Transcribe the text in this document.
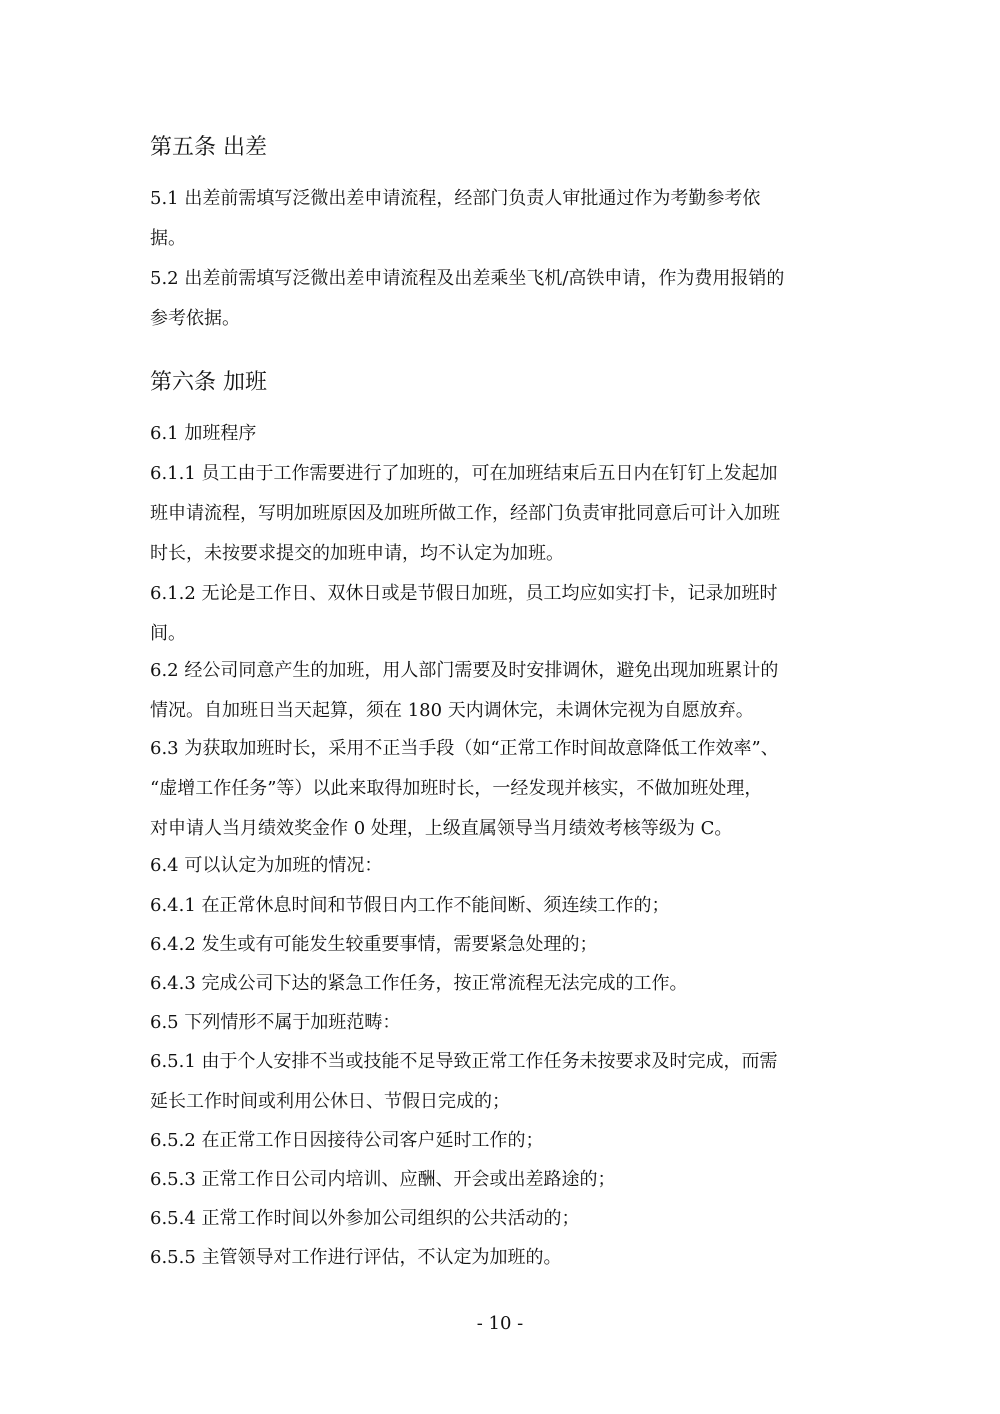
第五条 出差
5.1 出差前需填写泛微出差申请流程，经部门负责人审批通过作为考勤参考依
据。
5.2 出差前需填写泛微出差申请流程及出差乘坐飞机/高铁申请，作为费用报销的
参考依据。
第六条 加班
6.1 加班程序
6.1.1 员工由于工作需要进行了加班的，可在加班结束后五日内在钉钉上发起加
班申请流程，写明加班原因及加班所做工作，经部门负责审批同意后可计入加班
时长，未按要求提交的加班申请，均不认定为加班。
6.1.2 无论是工作日、双休日或是节假日加班，员工均应如实打卡，记录加班时
间。
6.2 经公司同意产生的加班，用人部门需要及时安排调休，避免出现加班累计的
情况。自加班日当天起算，须在 180 天内调休完，未调休完视为自愿放弃。
6.3 为获取加班时长，采用不正当手段（如“正常工作时间故意降低工作效率”、
“虚增工作任务”等）以此来取得加班时长，一经发现并核实，不做加班处理，
对申请人当月绩效奖金作 0 处理，上级直属领导当月绩效考核等级为 C。
6.4 可以认定为加班的情况：
6.4.1 在正常休息时间和节假日内工作不能间断、须连续工作的；
6.4.2 发生或有可能发生较重要事情，需要紧急处理的；
6.4.3 完成公司下达的紧急工作任务，按正常流程无法完成的工作。
6.5 下列情形不属于加班范畴：
6.5.1 由于个人安排不当或技能不足导致正常工作任务未按要求及时完成，而需
延长工作时间或利用公休日、节假日完成的；
6.5.2 在正常工作日因接待公司客户延时工作的；
6.5.3 正常工作日公司内培训、应酬、开会或出差路途的；
6.5.4 正常工作时间以外参加公司组织的公共活动的；
6.5.5 主管领导对工作进行评估，不认定为加班的。
- 10 -
